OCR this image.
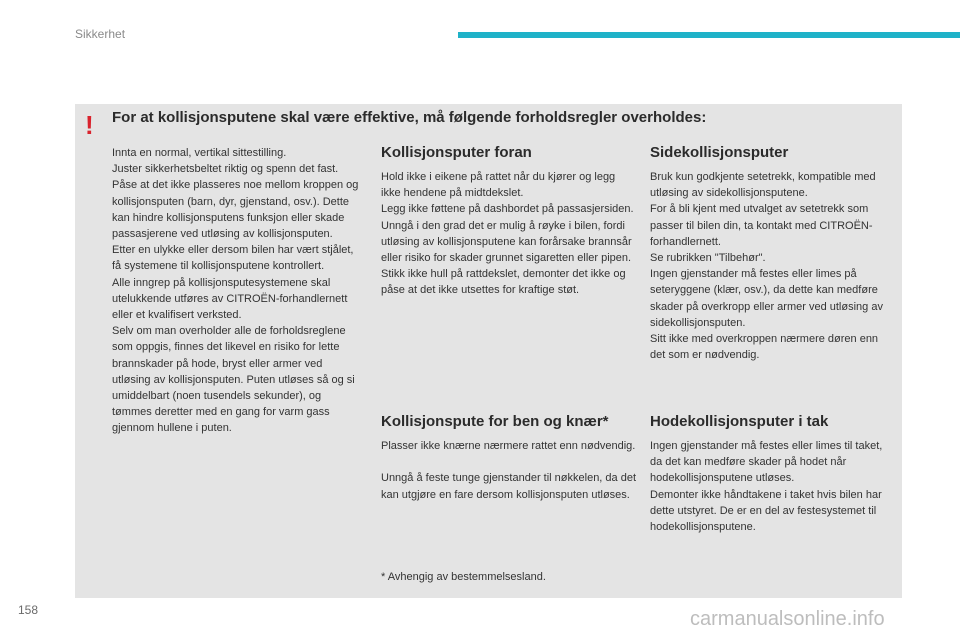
Sikkerhet
! For at kollisjonsputene skal være effektive, må følgende forholdsregler overholdes:
Innta en normal, vertikal sittestilling.
Juster sikkerhetsbeltet riktig og spenn det fast.
Påse at det ikke plasseres noe mellom kroppen og kollisjonsputen (barn, dyr, gjenstand, osv.). Dette kan hindre kollisjonsputens funksjon eller skade passasjerene ved utløsing av kollisjonsputen.
Etter en ulykke eller dersom bilen har vært stjålet, få systemene til kollisjonsputene kontrollert.
Alle inngrep på kollisjonsputesystemene skal utelukkende utføres av CITROËN-forhandlernett eller et kvalifisert verksted.
Selv om man overholder alle de forholdsreglene som oppgis, finnes det likevel en risiko for lette brannskader på hode, bryst eller armer ved utløsing av kollisjonsputen. Puten utløses så og si umiddelbart (noen tusendels sekunder), og tømmes deretter med en gang for varm gass gjennom hullene i puten.
Kollisjonsputer foran
Hold ikke i eikene på rattet når du kjører og legg ikke hendene på midtdekslet.
Legg ikke føttene på dashbordet på passasjersiden.
Unngå i den grad det er mulig å røyke i bilen, fordi utløsing av kollisjonsputene kan forårsake brannsår eller risiko for skader grunnet sigaretten eller pipen.
Stikk ikke hull på rattdekslet, demonter det ikke og påse at det ikke utsettes for kraftige støt.
Sidekollisjonsputer
Bruk kun godkjente setetrekk, kompatible med utløsing av sidekollisjonsputene.
For å bli kjent med utvalget av setetrekk som passer til bilen din, ta kontakt med CITROËN-forhandlernett.
Se rubrikken "Tilbehør".
Ingen gjenstander må festes eller limes på seteryggene (klær, osv.), da dette kan medføre skader på overkropp eller armer ved utløsing av sidekollisjonsputen.
Sitt ikke med overkroppen nærmere døren enn det som er nødvendig.
Kollisjonspute for ben og knær*
Plasser ikke knærne nærmere rattet enn nødvendig.

Unngå å feste tunge gjenstander til nøkkelen, da det kan utgjøre en fare dersom kollisjonsputen utløses.
Hodekollisjonsputer i tak
Ingen gjenstander må festes eller limes til taket, da det kan medføre skader på hodet når hodekollisjonsputene utløses.
Demonter ikke håndtakene i taket hvis bilen har dette utstyret. De er en del av festesystemet til hodekollisjonsputene.
* Avhengig av bestemmelsesland.
158	carmanualsonline.info
